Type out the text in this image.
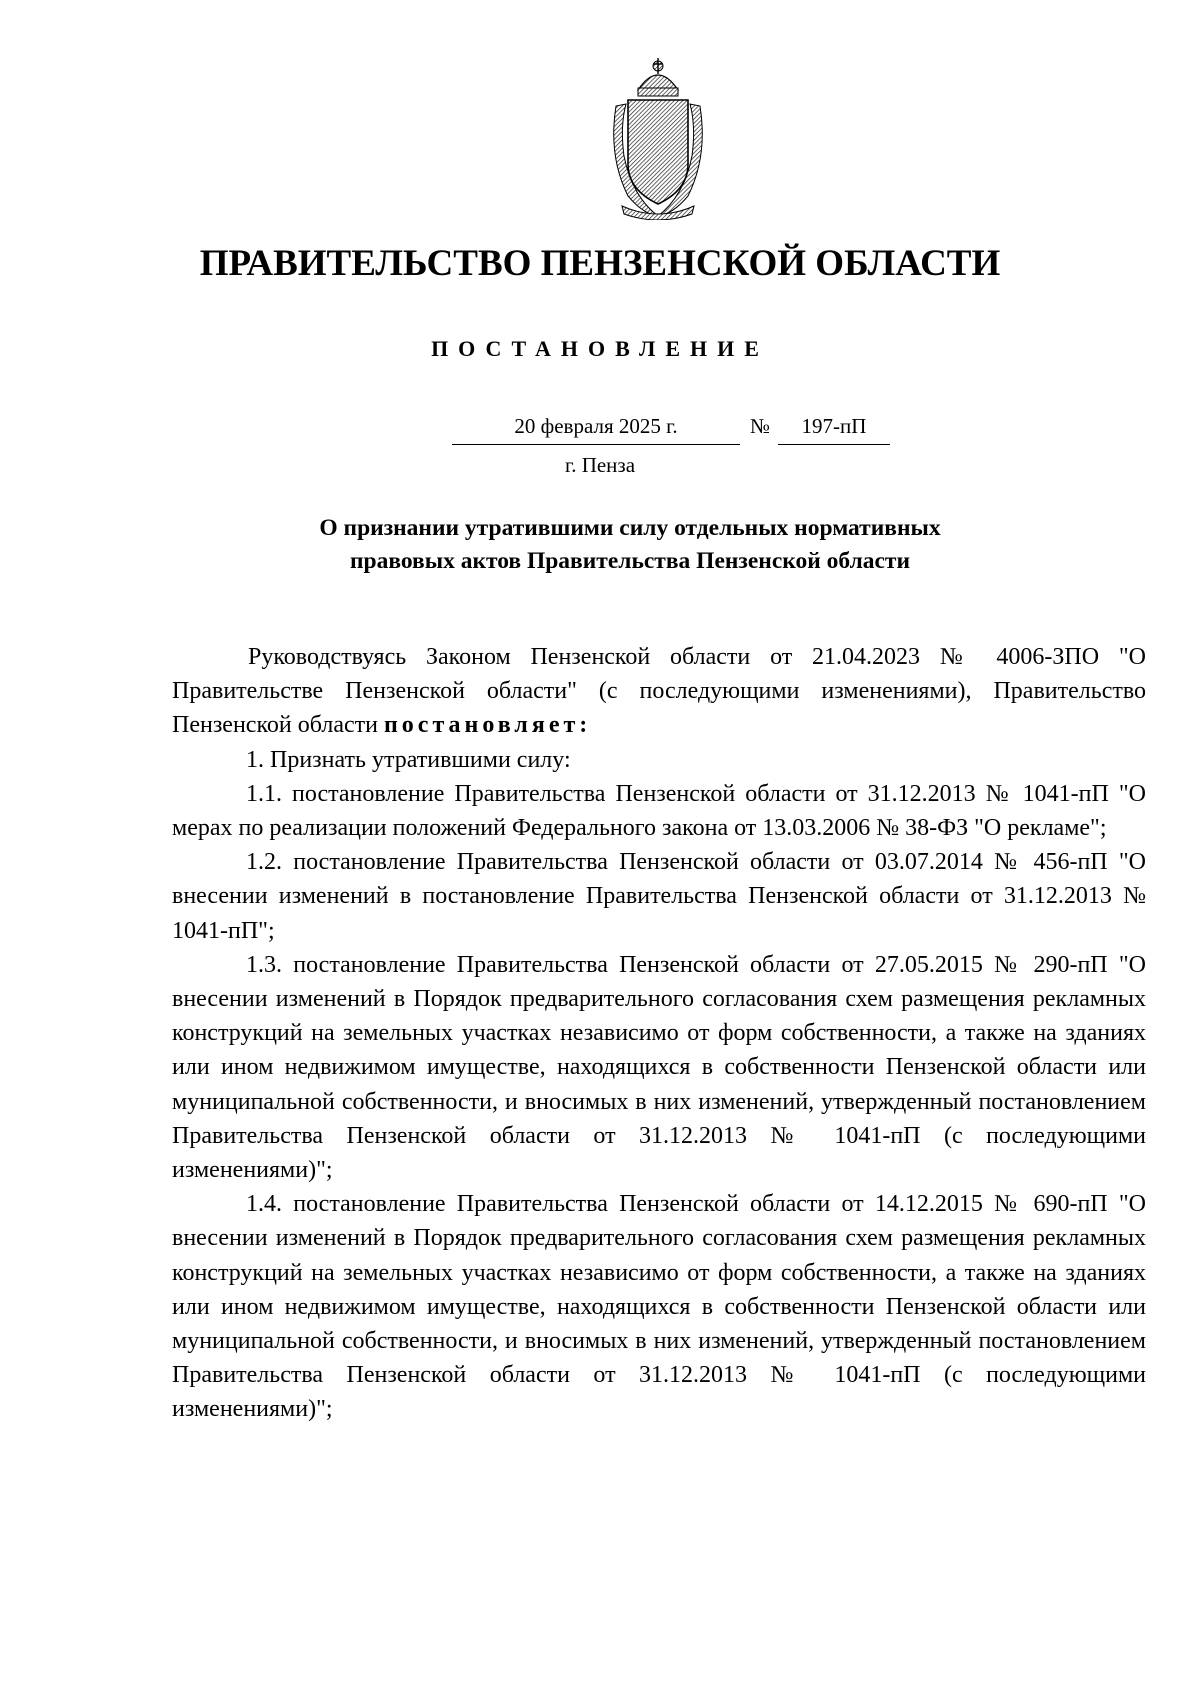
ПРАВИТЕЛЬСТВО ПЕНЗЕНСКОЙ ОБЛАСТИ
ПОСТАНОВЛЕНИЕ
20 февраля 2025 г.	№	197-пП
г. Пенза
О признании утратившими силу отдельных нормативных
правовых актов Правительства Пензенской области

Руководствуясь Законом Пензенской области от 21.04.2023 № 4006-ЗПО "О Правительстве Пензенской области" (с последующими изменениями), Правительство Пензенской области постановляет:

1. Признать утратившими силу:

1.1. постановление Правительства Пензенской области от 31.12.2013 № 1041-пП "О мерах по реализации положений Федерального закона от 13.03.2006 № 38-ФЗ "О рекламе";

1.2. постановление Правительства Пензенской области от 03.07.2014 № 456-пП "О внесении изменений в постановление Правительства Пензенской области от 31.12.2013 № 1041-пП";

1.3. постановление Правительства Пензенской области от 27.05.2015 № 290-пП "О внесении изменений в Порядок предварительного согласования схем размещения рекламных конструкций на земельных участках независимо от форм собственности, а также на зданиях или ином недвижимом имуществе, находящихся в собственности Пензенской области или муниципальной собственности, и вносимых в них изменений, утвержденный постановлением Правительства Пензенской области от 31.12.2013 № 1041-пП (с последующими изменениями)";

1.4. постановление Правительства Пензенской области от 14.12.2015 № 690-пП "О внесении изменений в Порядок предварительного согласования схем размещения рекламных конструкций на земельных участках независимо от форм собственности, а также на зданиях или ином недвижимом имуществе, находящихся в собственности Пензенской области или муниципальной собственности, и вносимых в них изменений, утвержденный постановлением Правительства Пензенской области от 31.12.2013 № 1041-пП (с последующими изменениями)";
